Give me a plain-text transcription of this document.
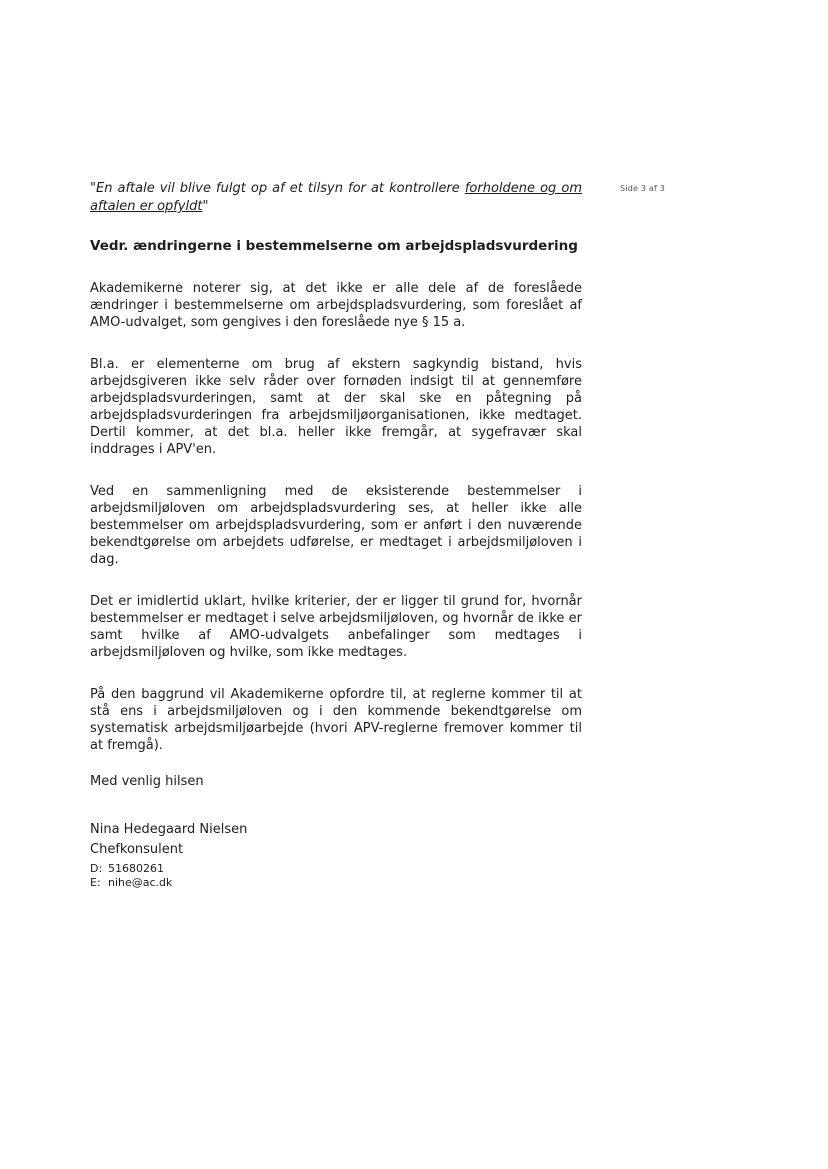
Side 3 af 3

"En aftale vil blive fulgt op af et tilsyn for at kontrollere forholdene og om aftalen er opfyldt"

Vedr. ændringerne i bestemmelserne om arbejdspladsvurdering

Akademikerne noterer sig, at det ikke er alle dele af de foreslåede ændringer i bestemmelserne om arbejdspladsvurdering, som foreslået af AMO-udvalget, som gengives i den foreslåede nye § 15 a.

Bl.a. er elementerne om brug af ekstern sagkyndig bistand, hvis arbejdsgiveren ikke selv råder over fornøden indsigt til at gennemføre arbejdspladsvurderingen, samt at der skal ske en påtegning på arbejdspladsvurderingen fra arbejdsmiljøorganisationen, ikke medtaget. Dertil kommer, at det bl.a. heller ikke fremgår, at sygefravær skal inddrages i APV'en.

Ved en sammenligning med de eksisterende bestemmelser i arbejdsmiljøloven om arbejdspladsvurdering ses, at heller ikke alle bestemmelser om arbejdspladsvurdering, som er anført i den nuværende bekendtgørelse om arbejdets udførelse, er medtaget i arbejdsmiljøloven i dag.

Det er imidlertid uklart, hvilke kriterier, der er ligger til grund for, hvornår bestemmelser er medtaget i selve arbejdsmiljøloven, og hvornår de ikke er samt hvilke af AMO-udvalgets anbefalinger som medtages i arbejdsmiljøloven og hvilke, som ikke medtages.

På den baggrund vil Akademikerne opfordre til, at reglerne kommer til at stå ens i arbejdsmiljøloven og i den kommende bekendtgørelse om systematisk arbejdsmiljøarbejde (hvori APV-reglerne fremover kommer til at fremgå).

Med venlig hilsen
Nina Hedegaard Nielsen
Chefkonsulent
D: 51680261
E: nihe@ac.dk
